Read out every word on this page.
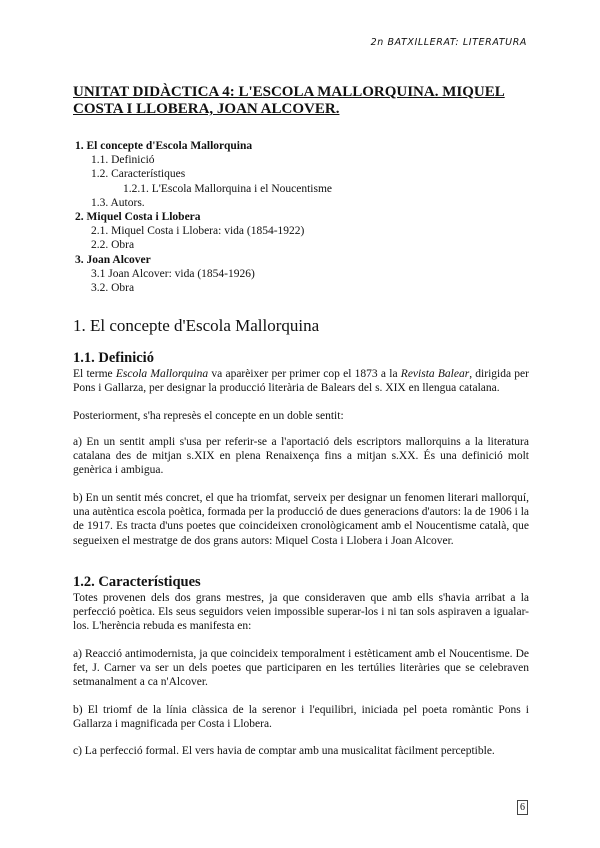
2n BATXILLERAT: LITERATURA
UNITAT DIDÀCTICA 4: L'ESCOLA MALLORQUINA. MIQUEL COSTA I LLOBERA, JOAN ALCOVER.
1. El concepte d'Escola Mallorquina
1.1. Definició
1.2. Característiques
1.2.1. L'Escola Mallorquina i el Noucentisme
1.3. Autors.
2. Miquel Costa i Llobera
2.1. Miquel Costa i Llobera: vida (1854-1922)
2.2. Obra
3. Joan Alcover
3.1 Joan Alcover: vida (1854-1926)
3.2. Obra
1. El concepte d'Escola Mallorquina
1.1. Definició
El terme Escola Mallorquina va aparèixer per primer cop el 1873 a la Revista Balear, dirigida per Pons i Gallarza, per designar la producció literària de Balears del s. XIX en llengua catalana.
Posteriorment, s'ha represès el concepte en un doble sentit:
a) En un sentit ampli s'usa per referir-se a l'aportació dels escriptors mallorquins a la literatura catalana des de mitjan s.XIX en plena Renaixença fins a mitjan s.XX. És una definició molt genèrica i ambigua.
b) En un sentit més concret, el que ha triomfat, serveix per designar un fenomen literari mallorquí, una autèntica escola poètica, formada per la producció de dues generacions d'autors: la de 1906 i la de 1917. Es tracta d'uns poetes que coincideixen cronològicament amb el Noucentisme català, que segueixen el mestratge de dos grans autors: Miquel Costa i Llobera i Joan Alcover.
1.2. Característiques
Totes provenen dels dos grans mestres, ja que consideraven que amb ells s'havia arribat a la perfecció poètica. Els seus seguidors veien impossible superar-los i ni tan sols aspiraven a igualar-los. L'herència rebuda es manifesta en:
a) Reacció antimodernista, ja que coincideix temporalment i estèticament amb el Noucentisme. De fet, J. Carner va ser un dels poetes que participaren en les tertúlies literàries que se celebraven setmanalment a ca n'Alcover.
b) El triomf de la línia clàssica de la serenor i l'equilibri, iniciada pel poeta romàntic Pons i Gallarza i magnificada per Costa i Llobera.
c) La perfecció formal. El vers havia de comptar amb una musicalitat fàcilment perceptible.
6
